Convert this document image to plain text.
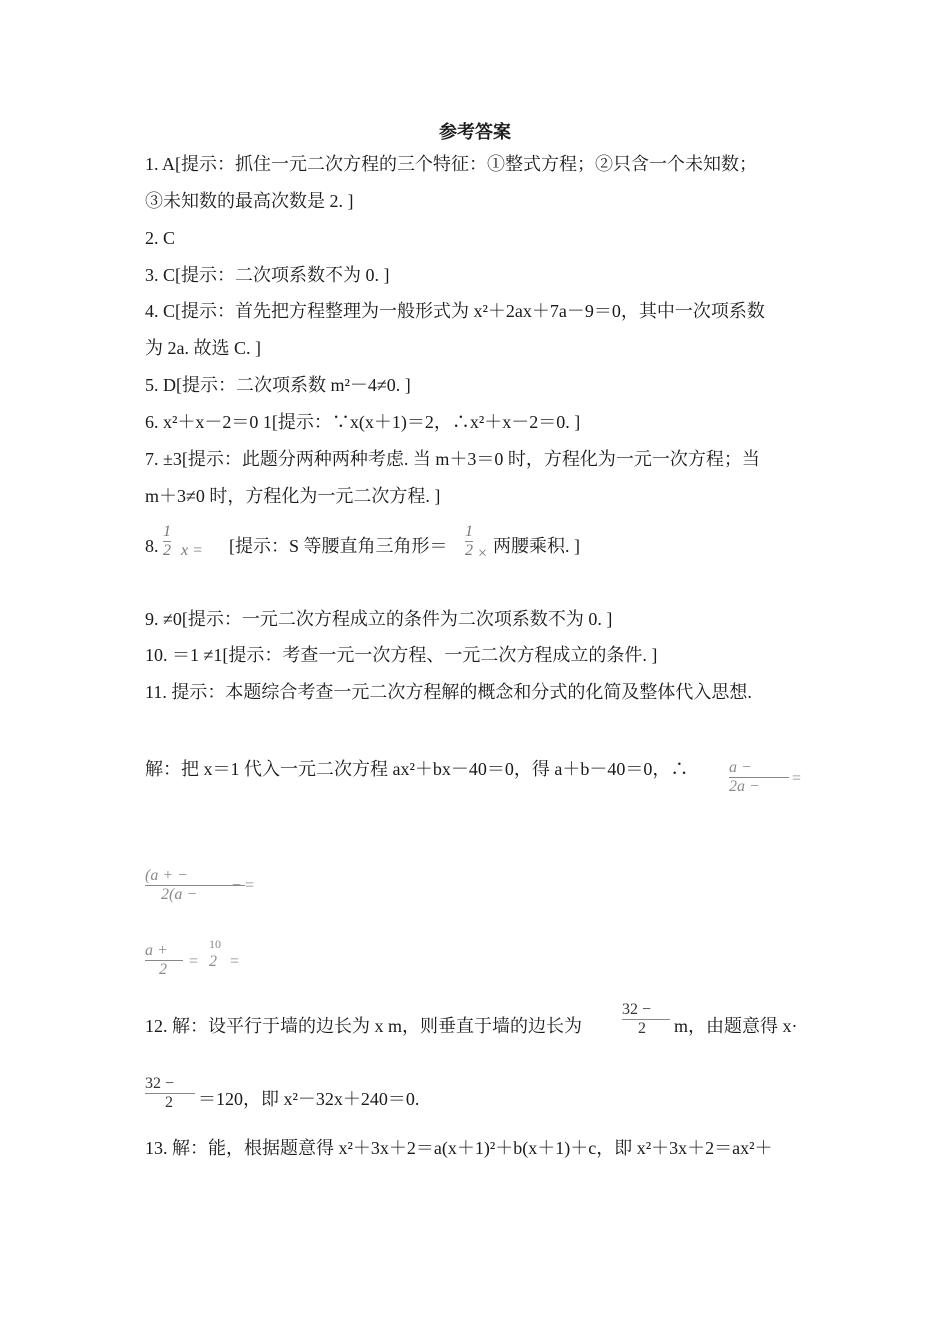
参考答案
1. A[提示：抓住一元二次方程的三个特征：①整式方程；②只含一个未知数；
③未知数的最高次数是 2. ]
2. C
3. C[提示：二次项系数不为 0. ]
4. C[提示：首先把方程整理为一般形式为 x²＋2ax＋7a－9＝0，其中一次项系数
为 2a. 故选 C. ]
5. D[提示：二次项系数 m²－4≠0. ]
6. x²＋x－2＝0 1[提示：∵x(x＋1)＝2，∴x²＋x－2＝0. ]
7. ±3[提示：此题分两种两种考虑. 当 m＋3＝0 时，方程化为一元一次方程；当
m＋3≠0 时，方程化为一元二次方程. ]
8.
1
2 x = [提示：S 等腰直角三角形＝
1
2 × 两腰乘积. ]
9. ≠0[提示：一元二次方程成立的条件为二次项系数不为 0. ]
10. ＝1 ≠1[提示：考查一元一次方程、一元二次方程成立的条件. ]
11. 提示：本题综合考查一元二次方程解的概念和分式的化简及整体代入思想.
解：把 x＝1 代入一元二次方程 ax²＋bx－40＝0，得 a＋b－40＝0，∴	a −
2a −	=
(a + −
2(a −
− =
a +
2	=
10
2 =
12. 解：设平行于墙的边长为 x m，则垂直于墙的边长为
32 −
2	m，由题意得 x·
32 −
2	＝120，即 x²－32x＋240＝0.
13. 解：能，根据题意得 x²＋3x＋2＝a(x＋1)²＋b(x＋1)＋c，即 x²＋3x＋2＝ax²＋
